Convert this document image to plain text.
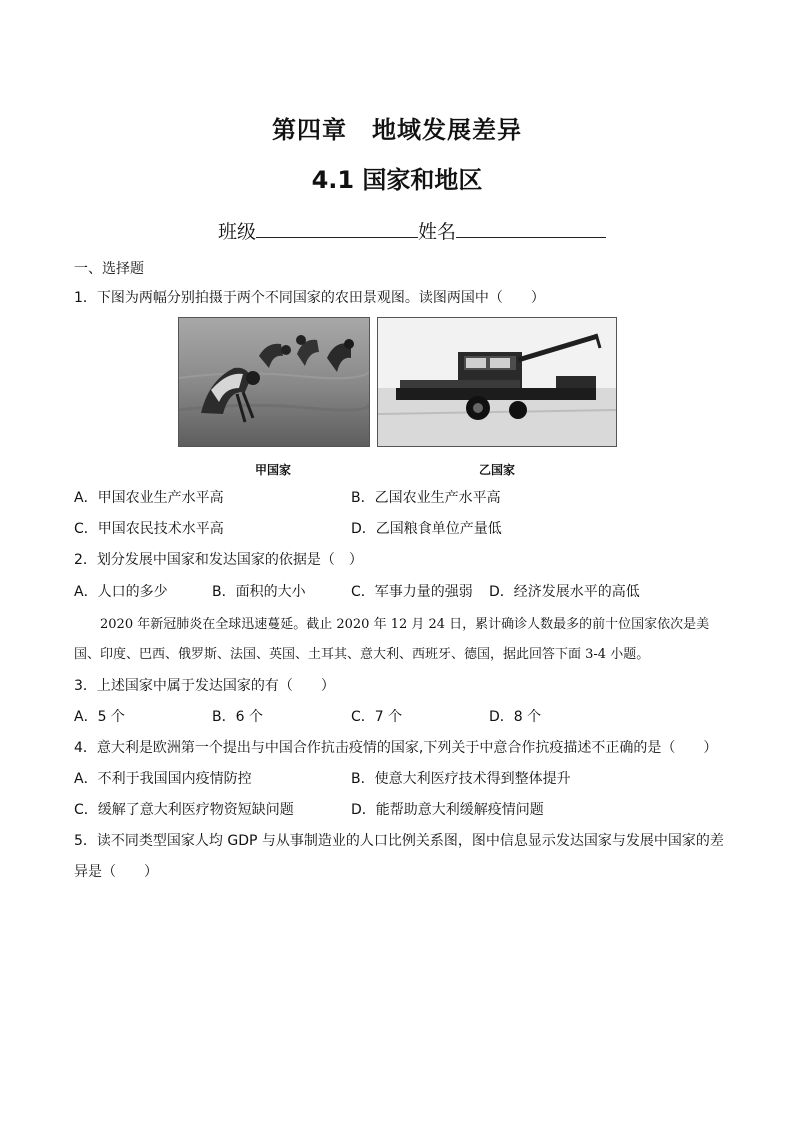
第四章　地域发展差异
4.1 国家和地区
班级	姓名
一、选择题
1．下图为两幅分别拍摄于两个不同国家的农田景观图。读图两国中（　　）
甲国家	乙国家
A．甲国农业生产水平高	B．乙国农业生产水平高
C．甲国农民技术水平高	D．乙国粮食单位产量低
2．划分发展中国家和发达国家的依据是（　）
A．人口的多少	B．面积的大小	C．军事力量的强弱 D．经济发展水平的高低
2020 年新冠肺炎在全球迅速蔓延。截止 2020 年 12 月 24 日，累计确诊人数最多的前十位国家依次是美
国、印度、巴西、俄罗斯、法国、英国、土耳其、意大利、西班牙、德国，据此回答下面 3-4 小题。
3．上述国家中属于发达国家的有（　　）
A．5 个	B．6 个	C．7 个	D．8 个
4．意大利是欧洲第一个提出与中国合作抗击疫情的国家,下列关于中意合作抗疫描述不正确的是（　　）
A．不利于我国国内疫情防控	B．使意大利医疗技术得到整体提升
C．缓解了意大利医疗物资短缺问题	D．能帮助意大利缓解疫情问题
5．读不同类型国家人均 GDP 与从事制造业的人口比例关系图，图中信息显示发达国家与发展中国家的差
异是（　　）
